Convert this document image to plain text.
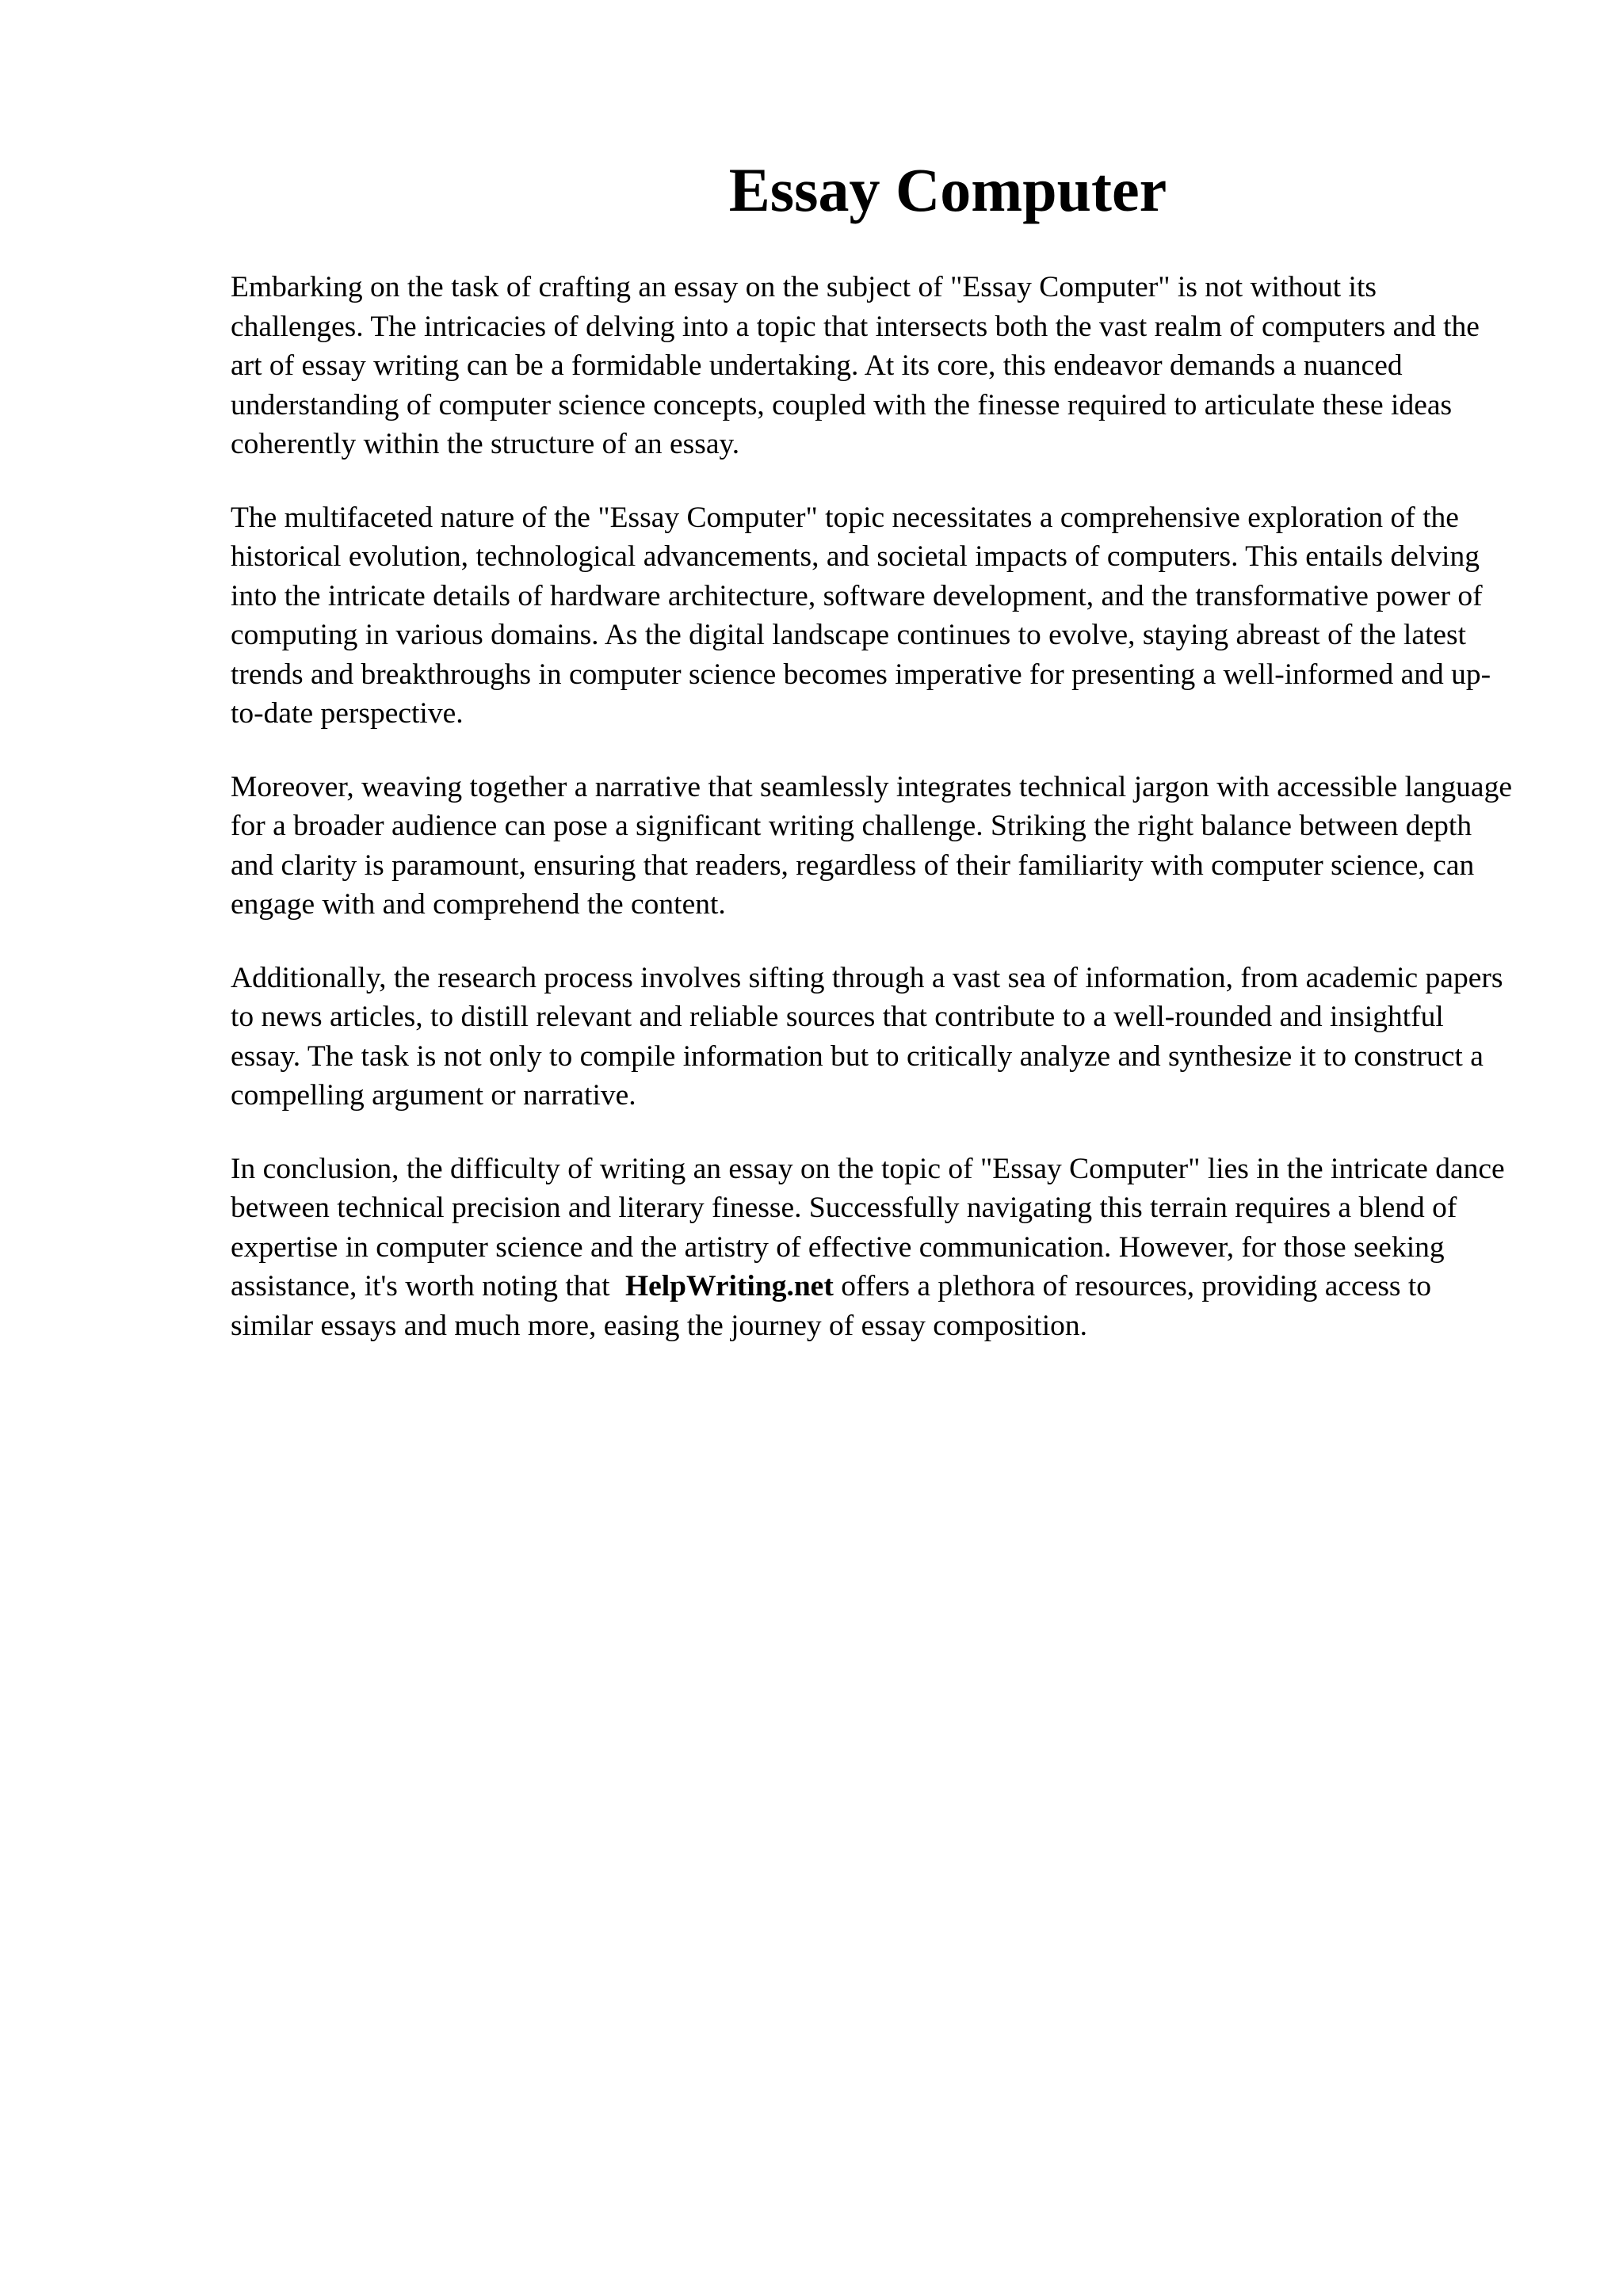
Essay Computer

Embarking on the task of crafting an essay on the subject of "Essay Computer" is not without its challenges. The intricacies of delving into a topic that intersects both the vast realm of computers and the art of essay writing can be a formidable undertaking. At its core, this endeavor demands a nuanced understanding of computer science concepts, coupled with the finesse required to articulate these ideas coherently within the structure of an essay.

The multifaceted nature of the "Essay Computer" topic necessitates a comprehensive exploration of the historical evolution, technological advancements, and societal impacts of computers. This entails delving into the intricate details of hardware architecture, software development, and the transformative power of computing in various domains. As the digital landscape continues to evolve, staying abreast of the latest trends and breakthroughs in computer science becomes imperative for presenting a well-informed and up-to-date perspective.

Moreover, weaving together a narrative that seamlessly integrates technical jargon with accessible language for a broader audience can pose a significant writing challenge. Striking the right balance between depth and clarity is paramount, ensuring that readers, regardless of their familiarity with computer science, can engage with and comprehend the content.

Additionally, the research process involves sifting through a vast sea of information, from academic papers to news articles, to distill relevant and reliable sources that contribute to a well-rounded and insightful essay. The task is not only to compile information but to critically analyze and synthesize it to construct a compelling argument or narrative.

In conclusion, the difficulty of writing an essay on the topic of "Essay Computer" lies in the intricate dance between technical precision and literary finesse. Successfully navigating this terrain requires a blend of expertise in computer science and the artistry of effective communication. However, for those seeking assistance, it's worth noting that HelpWriting.net offers a plethora of resources, providing access to similar essays and much more, easing the journey of essay composition.
